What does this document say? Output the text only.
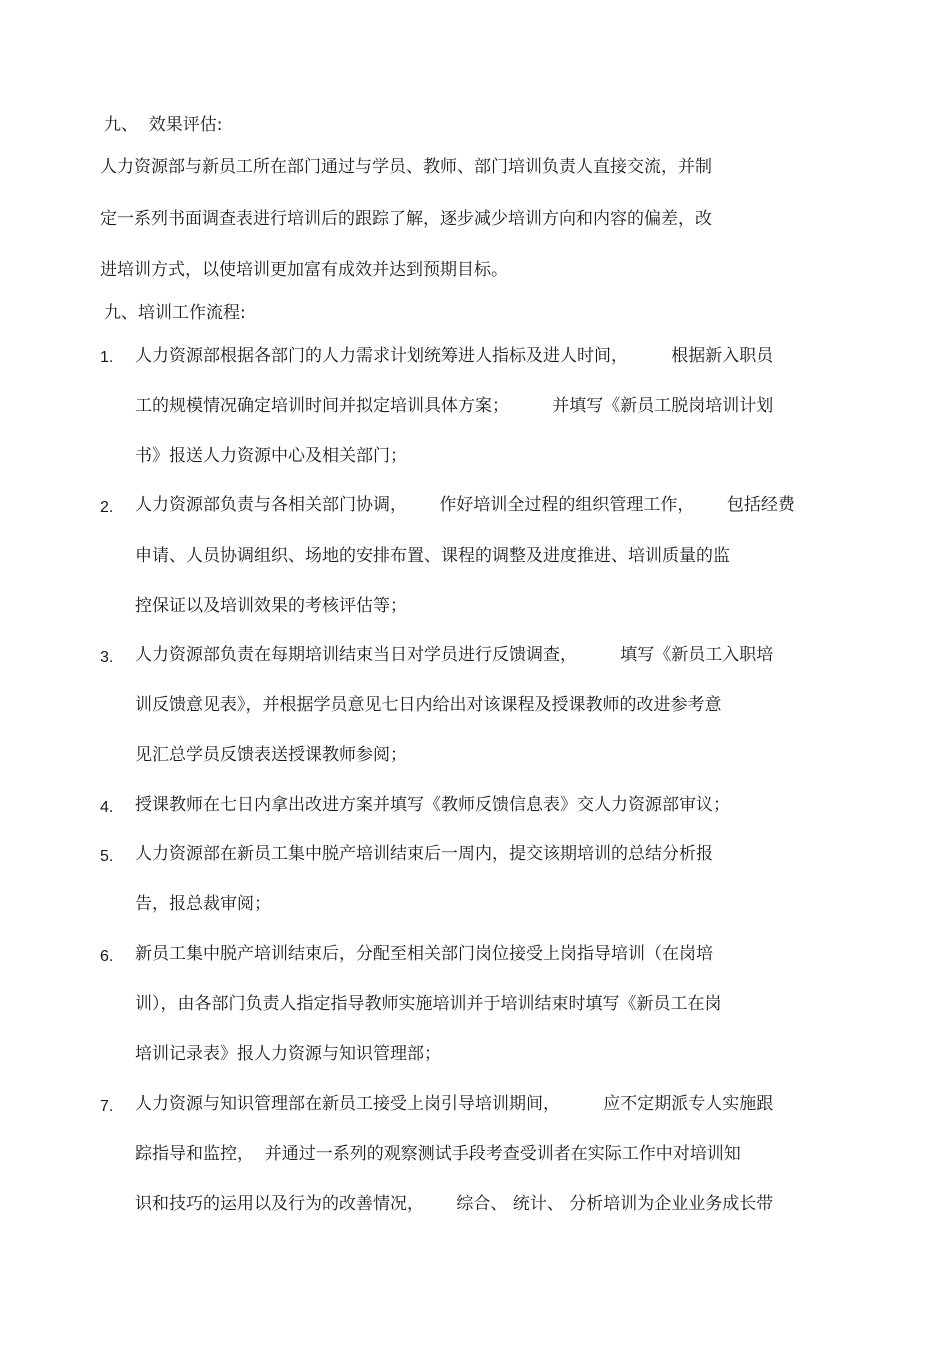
九、  效果评估:
人力资源部与新员工所在部门通过与学员、教师、部门培训负责人直接交流，并制
定一系列书面调查表进行培训后的跟踪了解，逐步减少培训方向和内容的偏差，改
进培训方式，以使培训更加富有成效并达到预期目标。
九、培训工作流程:
1. 人力资源部根据各部门的人力需求计划统筹进人指标及进人时间，        根据新入职员
工的规模情况确定培训时间并拟定培训具体方案；        并填写《新员工脱岗培训计划
书》报送人力资源中心及相关部门；
2. 人力资源部负责与各相关部门协调，      作好培训全过程的组织管理工作，      包括经费
申请、人员协调组织、场地的安排布置、课程的调整及进度推进、培训质量的监
控保证以及培训效果的考核评估等；
3. 人力资源部负责在每期培训结束当日对学员进行反馈调查，        填写《新员工入职培
训反馈意见表》，并根据学员意见七日内给出对该课程及授课教师的改进参考意
见汇总学员反馈表送授课教师参阅；
4. 授课教师在七日内拿出改进方案并填写《教师反馈信息表》交人力资源部审议；
5. 人力资源部在新员工集中脱产培训结束后一周内，提交该期培训的总结分析报
告，报总裁审阅；
6. 新员工集中脱产培训结束后，分配至相关部门岗位接受上岗指导培训（在岗培
训），由各部门负责人指定指导教师实施培训并于培训结束时填写《新员工在岗
培训记录表》报人力资源与知识管理部；
7. 人力资源与知识管理部在新员工接受上岗引导培训期间，        应不定期派专人实施跟
踪指导和监控，  并通过一系列的观察测试手段考查受训者在实际工作中对培训知
识和技巧的运用以及行为的改善情况，      综合、 统计、 分析培训为企业业务成长带
